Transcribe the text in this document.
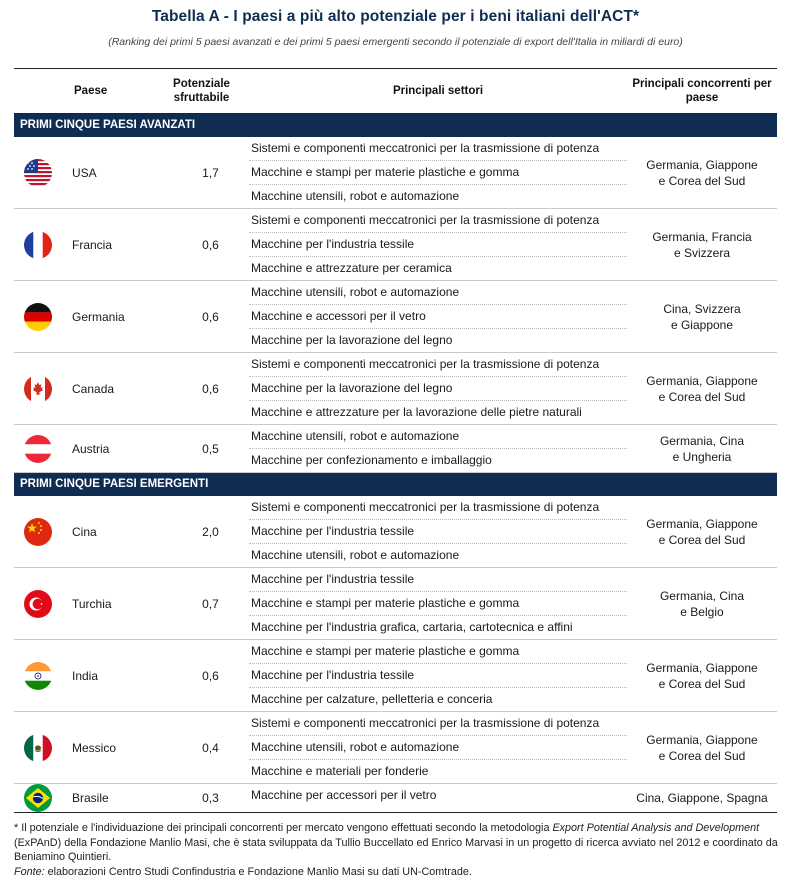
Tabella A - I paesi a più alto potenziale per i beni italiani dell'ACT*
(Ranking dei primi 5 paesi avanzati e dei primi 5 paesi emergenti secondo il potenziale di export dell'Italia in miliardi di euro)
Paese
Potenziale sfruttabile
Principali settori
Principali concorrenti per paese
PRIMI CINQUE PAESI AVANZATI
USA	1,7
Sistemi e componenti meccatronici per la trasmissione di potenza
Macchine e stampi per materie plastiche e gomma
Macchine utensili, robot e automazione
Germania, Giappone
e Corea del Sud
Francia	0,6
Sistemi e componenti meccatronici per la trasmissione di potenza
Macchine per l'industria tessile
Macchine e attrezzature per ceramica
Germania, Francia
e Svizzera
Germania	0,6
Macchine utensili, robot e automazione
Macchine e accessori per il vetro
Macchine per la lavorazione del legno
Cina, Svizzera
e Giappone
Canada	0,6
Sistemi e componenti meccatronici per la trasmissione di potenza
Macchine per la lavorazione del legno
Macchine e attrezzature per la lavorazione delle pietre naturali
Germania, Giappone
e Corea del Sud
Austria	0,5
Macchine utensili, robot e automazione
Macchine per confezionamento e imballaggio
Germania, Cina
e Ungheria
PRIMI CINQUE PAESI EMERGENTI
Cina	2,0
Sistemi e componenti meccatronici per la trasmissione di potenza
Macchine per l'industria tessile
Macchine utensili, robot e automazione
Germania, Giappone
e Corea del Sud
Turchia	0,7
Macchine per l'industria tessile
Macchine e stampi per materie plastiche e gomma
Macchine per l'industria grafica, cartaria, cartotecnica e affini
Germania, Cina
e Belgio
India	0,6
Macchine e stampi per materie plastiche e gomma
Macchine per l'industria tessile
Macchine per calzature, pelletteria e conceria
Germania, Giappone
e Corea del Sud
Messico	0,4
Sistemi e componenti meccatronici per la trasmissione di potenza
Macchine utensili, robot e automazione
Macchine e materiali per fonderie
Germania, Giappone
e Corea del Sud
Brasile	0,3	Macchine per accessori per il vetro	Cina, Giappone, Spagna
* Il potenziale e l'individuazione dei principali concorrenti per mercato vengono effettuati secondo la metodologia Export Potential Analysis and Development (ExPAnD) della Fondazione Manlio Masi, che è stata sviluppata da Tullio Buccellato ed Enrico Marvasi in un progetto di ricerca avviato nel 2012 e coordinato da Beniamino Quintieri.
Fonte: elaborazioni Centro Studi Confindustria e Fondazione Manlio Masi su dati UN-Comtrade.
